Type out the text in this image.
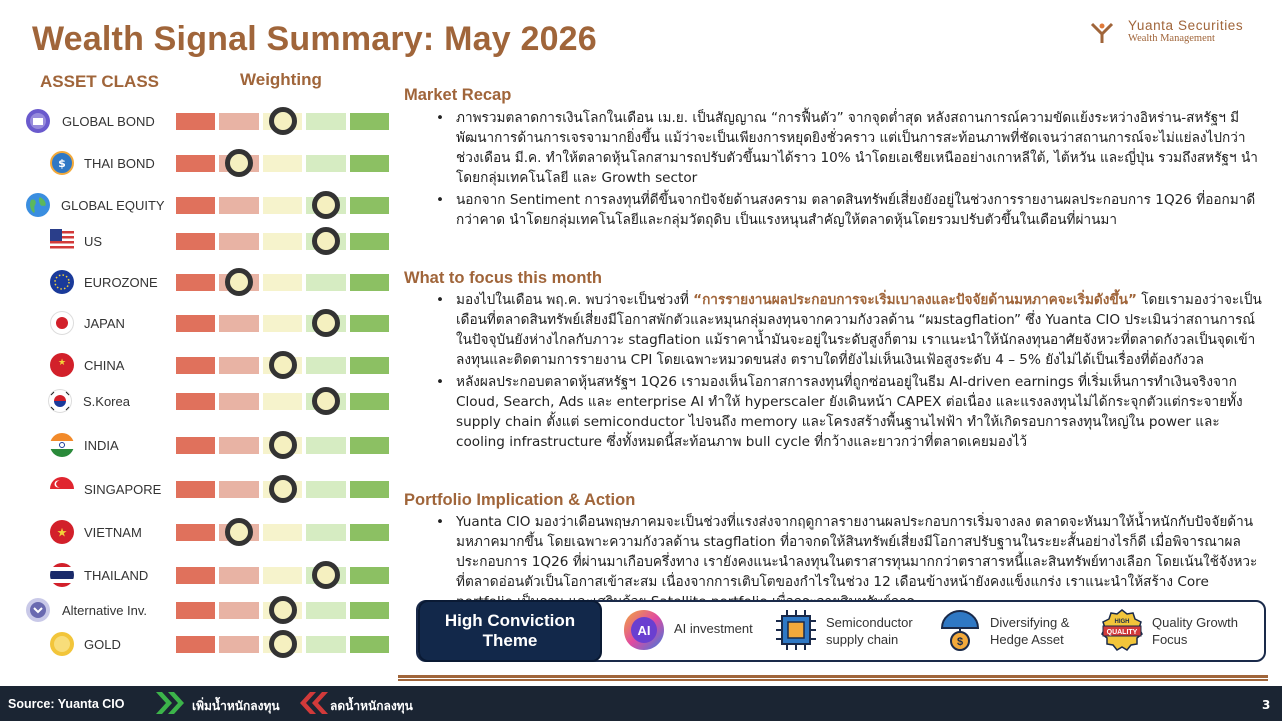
Wealth Signal Summary: May 2026	Yuanta Securities
Wealth Management
ASSET CLASS	Weighting
GLOBAL BOND
$ THAI BOND
GLOBAL EQUITY
US
EUROZONE
JAPAN
★ CHINA
S.Korea
INDIA
SINGAPORE
★ VIETNAM
THAILAND
Alternative Inv.
GOLD
Market Recap
• ภาพรวมตลาดการเงินโลกในเดือน เม.ย. เป็นสัญญาณ “การฟื้นตัว” จากจุดต่ำสุด หลังสถานการณ์ความขัดแย้งระหว่างอิหร่าน-สหรัฐฯ มีพัฒนาการด้านการเจรจามากยิ่งขึ้น แม้ว่าจะเป็นเพียงการหยุดยิงชั่วคราว แต่เป็นการสะท้อนภาพที่ชัดเจนว่าสถานการณ์จะไม่แย่ลงไปกว่าช่วงเดือน มี.ค. ทำให้ตลาดหุ้นโลกสามารถปรับตัวขึ้นมาได้ราว 10% นำโดยเอเชียเหนืออย่างเกาหลีใต้, ไต้หวัน และญี่ปุ่น รวมถึงสหรัฐฯ นำโดยกลุ่มเทคโนโลยี และ Growth sector
• นอกจาก Sentiment การลงทุนที่ดีขึ้นจากปัจจัยด้านสงคราม ตลาดสินทรัพย์เสี่ยงยังอยู่ในช่วงการรายงานผลประกอบการ 1Q26 ที่ออกมาดีกว่าคาด นำโดยกลุ่มเทคโนโลยีและกลุ่มวัตถุดิบ เป็นแรงหนุนสำคัญให้ตลาดหุ้นโดยรวมปรับตัวขึ้นในเดือนที่ผ่านมา
What to focus this month
• มองไปในเดือน พฤ.ค. พบว่าจะเป็นช่วงที่ “การรายงานผลประกอบการจะเริ่มเบาลงและปัจจัยด้านมหภาคจะเริ่มดังขึ้น” โดยเรามองว่าจะเป็นเดือนที่ตลาดสินทรัพย์เสี่ยงมีโอกาสพักตัวและหมุนกลุ่มลงทุนจากความกังวลด้าน “ผมstagflation” ซึ่ง Yuanta CIO ประเมินว่าสถานการณ์ในปัจจุบันยังห่างไกลกับภาวะ stagflation แม้ราคาน้ำมันจะอยู่ในระดับสูงก็ตาม เราแนะนำให้นักลงทุนอาศัยจังหวะที่ตลาดกังวลเป็นจุดเข้าลงทุนและติดตามการรายงาน CPI โดยเฉพาะหมวดขนส่ง ตราบใดที่ยังไม่เห็นเงินเฟ้อสูงระดับ 4 – 5% ยังไม่ได้เป็นเรื่องที่ต้องกังวล
• หลังผลประกอบตลาดหุ้นสหรัฐฯ 1Q26 เรามองเห็นโอกาสการลงทุนที่ถูกซ่อนอยู่ในธีม AI-driven earnings ที่เริ่มเห็นการทำเงินจริงจาก Cloud, Search, Ads และ enterprise AI ทำให้ hyperscaler ยังเดินหน้า CAPEX ต่อเนื่อง และแรงลงทุนไม่ได้กระจุกตัวแต่กระจายทั้ง supply chain ตั้งแต่ semiconductor ไปจนถึง memory และโครงสร้างพื้นฐานไฟฟ้า ทำให้เกิดรอบการลงทุนใหญ่ใน power และ cooling infrastructure ซึ่งทั้งหมดนี้สะท้อนภาพ bull cycle ที่กว้างและยาวกว่าที่ตลาดเคยมองไว้
Portfolio Implication & Action
• Yuanta CIO มองว่าเดือนพฤษภาคมจะเป็นช่วงที่แรงส่งจากฤดูกาลรายงานผลประกอบการเริ่มจางลง ตลาดจะหันมาให้น้ำหนักกับปัจจัยด้านมหภาคมากขึ้น โดยเฉพาะความกังวลด้าน stagflation ที่อาจกดให้สินทรัพย์เสี่ยงมีโอกาสปรับฐานในระยะสั้นอย่างไรก็ดี เมื่อพิจารณาผลประกอบการ 1Q26 ที่ผ่านมาเกือบครึ่งทาง เรายังคงแนะนำลงทุนในตราสารทุนมากกว่าตราสารหนี้และสินทรัพย์ทางเลือก โดยเน้นใช้จังหวะที่ตลาดอ่อนตัวเป็นโอกาสเข้าสะสม เนื่องจากการเติบโตของกำไรในช่วง 12 เดือนข้างหน้ายังคงแข็งแกร่ง เราแนะนำให้สร้าง Core
High Conviction Theme
AI AI investment	Semiconductor supply chain	$
Diversifying & Hedge Asset	QUALITY
HIGH Quality Growth Focus
Source: Yuanta CIO	เพิ่มน้ำหนักลงทุน	ลดน้ำหนักลงทุน	3
